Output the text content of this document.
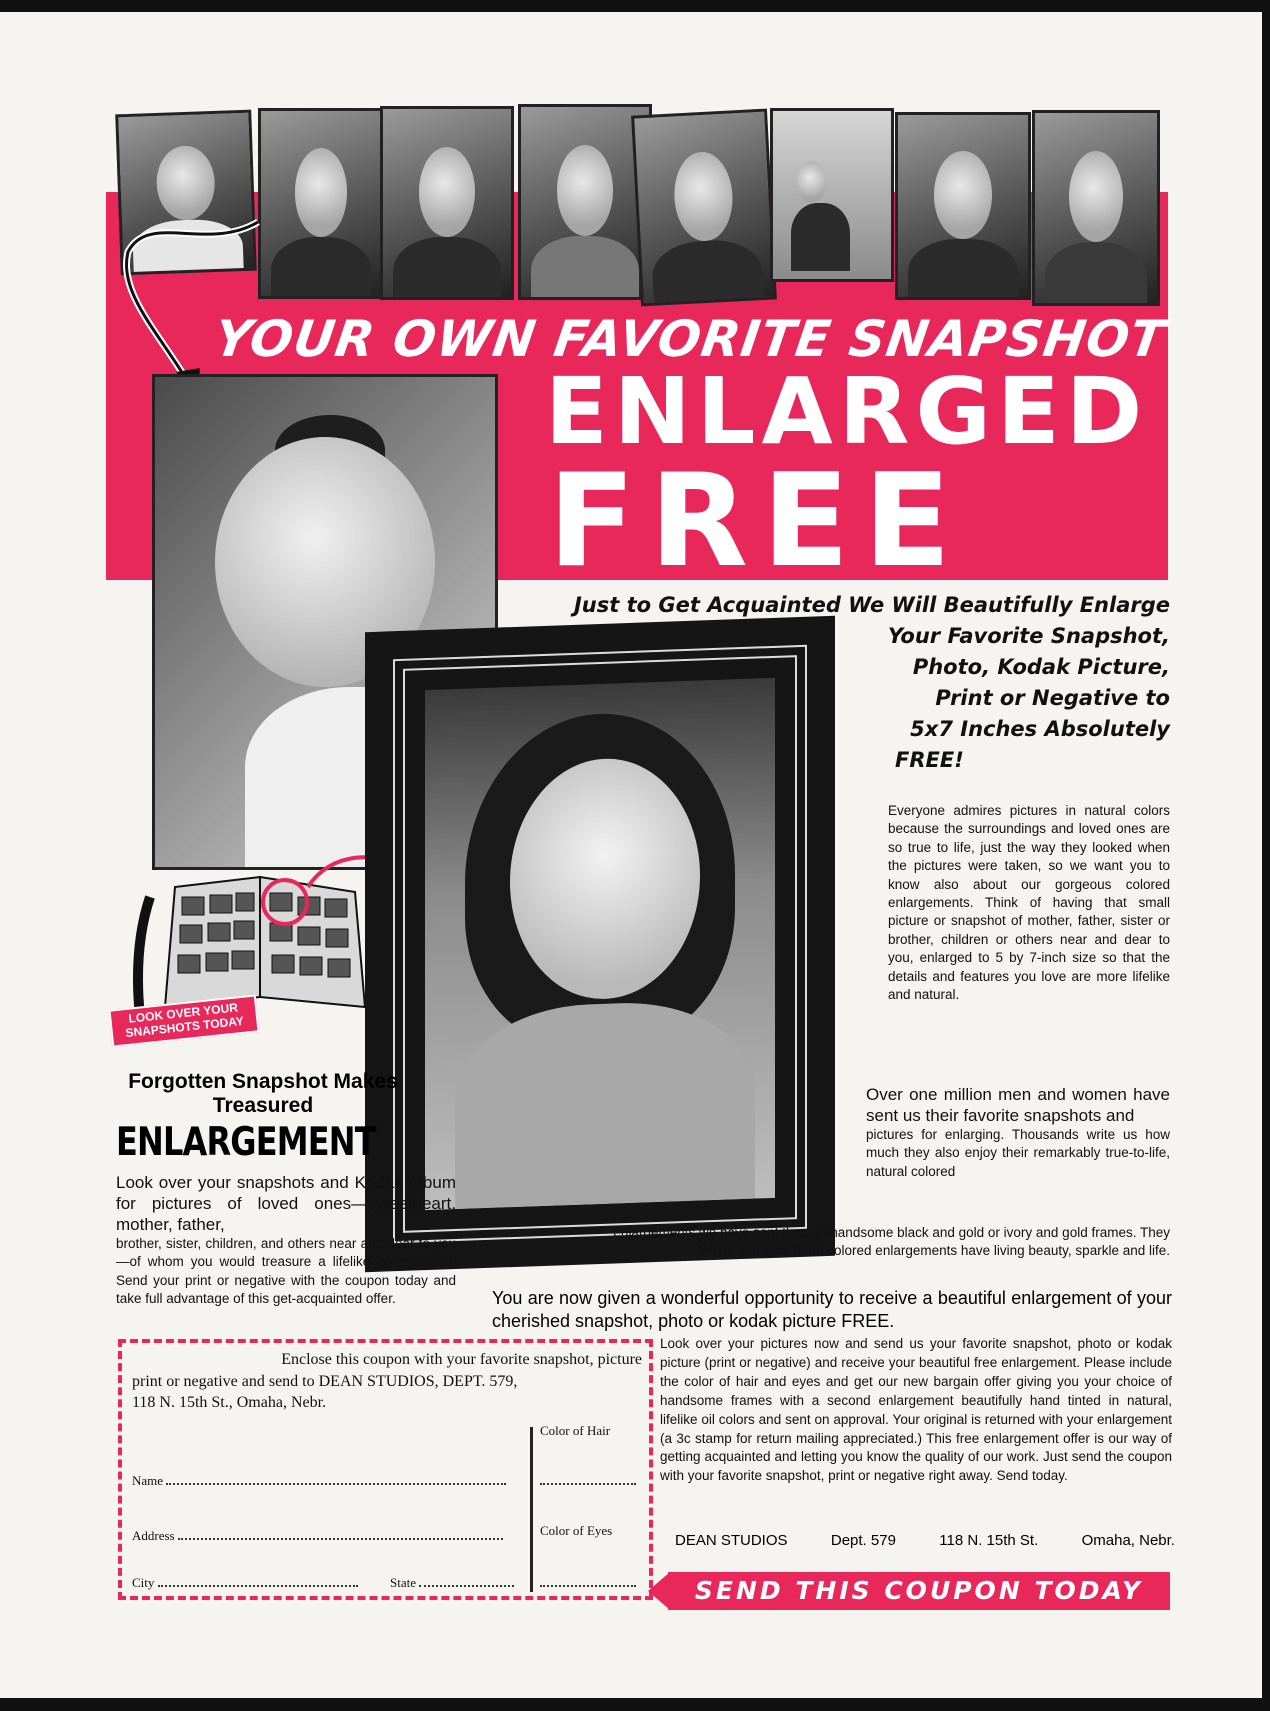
YOUR OWN FAVORITE SNAPSHOT
ENLARGED
FREE
LOOK OVER YOUR SNAPSHOTS TODAY
Just to Get Acquainted We Will Beautifully Enlarge
Your Favorite Snapshot,
Photo, Kodak Picture,
Print or Negative to
5x7 Inches Absolutely
FREE!
Everyone admires pictures in natural colors because the surroundings and loved ones are so true to life, just the way they looked when the pictures were taken, so we want you to know also about our gorgeous colored enlargements. Think of having that small picture or snapshot of mother, father, sister or brother, children or others near and dear to you, enlarged to 5 by 7-inch size so that the details and features you love are more lifelike and natural.
Over one million men and women have sent us their favorite snapshots and
pictures for enlarging. Thousands write us how much they also enjoy their remarkably true-to-life, natural colored
enlargements we have sent them in handsome black and gold or ivory and gold frames. They tell us that their hand colored enlargements have living beauty, sparkle and life.
Forgotten Snapshot Makes Treasured
ENLARGEMENT
Look over your snapshots and Kodak Album for pictures of loved ones—sweetheart, mother, father,
brother, sister, children, and others near and dear to you—of whom you would treasure a lifelike enlargement. Send your print or negative with the coupon today and take full advantage of this get-acquainted offer.	You are now given a wonderful opportunity to receive a beautiful enlargement of your cherished snapshot, photo or kodak picture FREE.
Look over your pictures now and send us your favorite snapshot, photo or kodak picture (print or negative) and receive your beautiful free enlargement. Please include the color of hair and eyes and get our new bargain offer giving you your choice of handsome frames with a second enlargement beautifully hand tinted in natural, lifelike oil colors and sent on approval. Your original is returned with your enlargement (a 3c stamp for return mailing appreciated.) This free enlargement offer is our way of getting acquainted and letting you know the quality of our work. Just send the coupon with your favorite snapshot, print or negative right away. Send today.
Enclose this coupon with your favorite snapshot, picture
print or negative and send to DEAN STUDIOS, DEPT. 579,
118 N. 15th St., Omaha, Nebr.
Name
Address
City	State
Color of Hair
Color of Eyes
DEAN STUDIOS	Dept. 579	118 N. 15th St.	Omaha, Nebr.
SEND THIS COUPON TODAY
